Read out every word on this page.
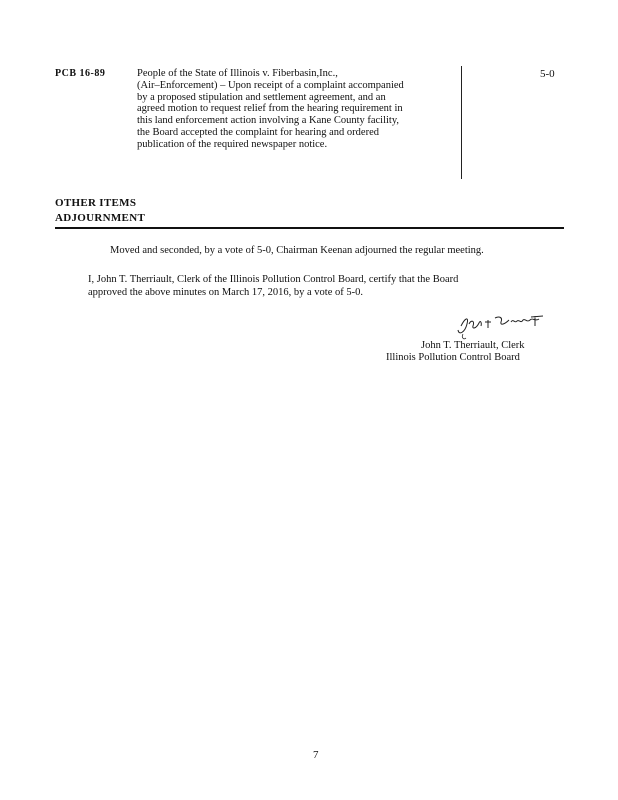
PCB 16-89	People of the State of Illinois v. Fiberbasin,Inc.,
(Air–Enforcement) – Upon receipt of a complaint accompanied
by a proposed stipulation and settlement agreement, and an
agreed motion to request relief from the hearing requirement in
this land enforcement action involving a Kane County facility,
the Board accepted the complaint for hearing and ordered
publication of the required newspaper notice.
5-0
OTHER ITEMS
ADJOURNMENT
Moved and seconded, by a vote of 5-0, Chairman Keenan adjourned the regular meeting.
I, John T. Therriault, Clerk of the Illinois Pollution Control Board, certify that the Board
approved the above minutes on March 17, 2016, by a vote of 5-0.
John T. Therriault, Clerk
Illinois Pollution Control Board
7
